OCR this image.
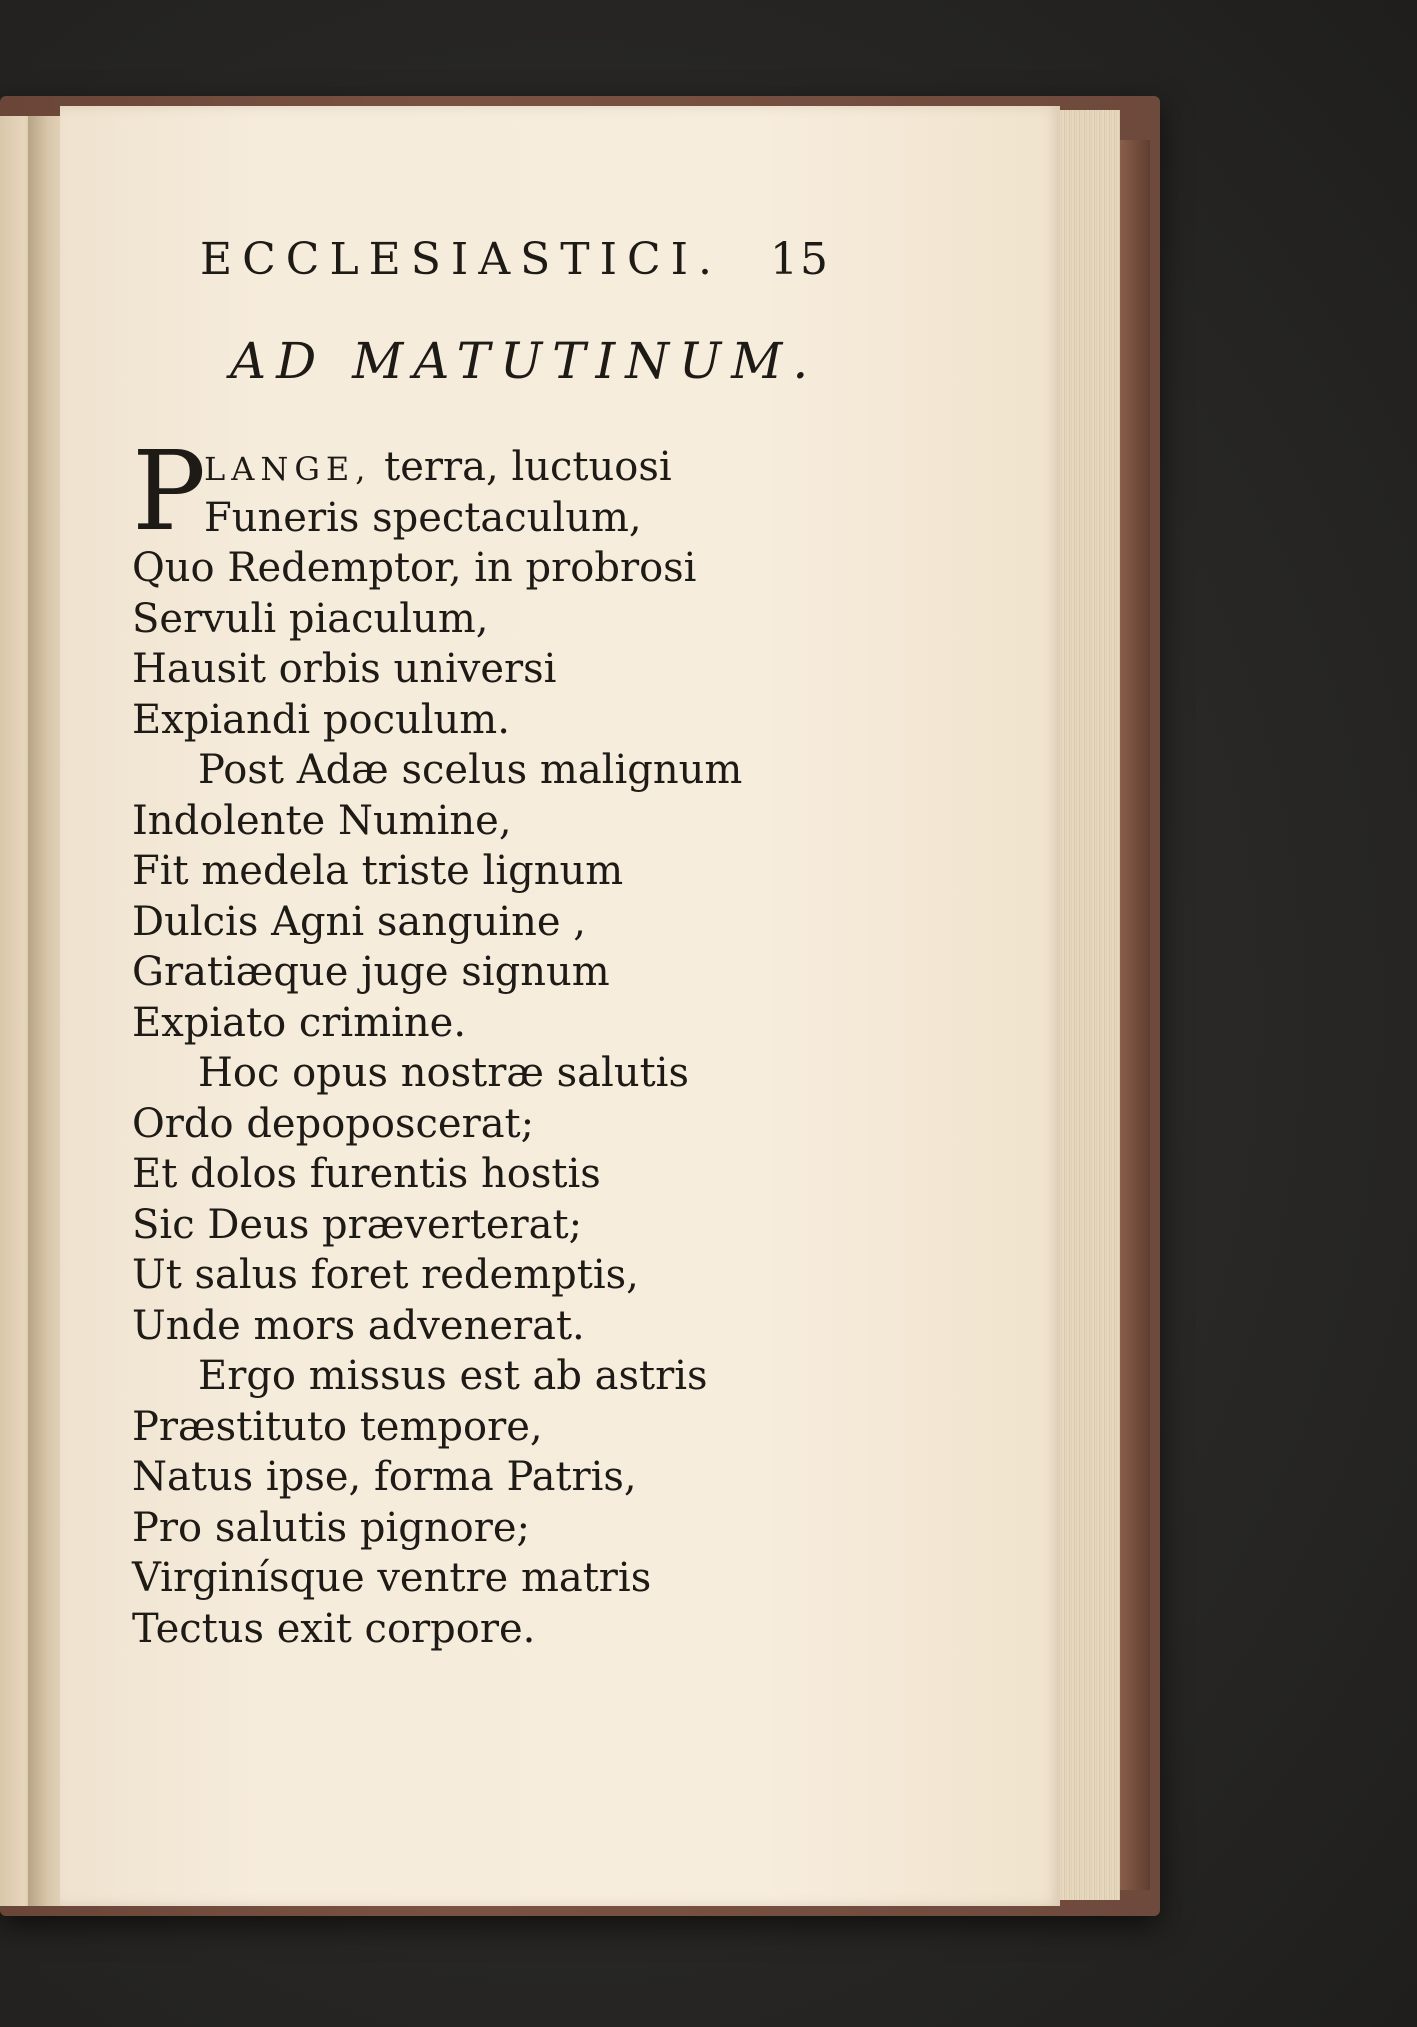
ECCLESIASTICI.	15
AD MATUTINUM.
P
LANGE, terra, luctuosi
Funeris spectaculum,
Quo Redemptor, in probrosi
Servuli piaculum,
Hausit orbis universi
Expiandi poculum.
Post Adæ scelus malignum
Indolente Numine,
Fit medela triste lignum
Dulcis Agni sanguine ,
Gratiæque juge signum
Expiato crimine.
Hoc opus nostræ salutis
Ordo depoposcerat;
Et dolos furentis hostis
Sic Deus præverterat;
Ut salus foret redemptis,
Unde mors advenerat.
Ergo missus est ab astris
Præstituto tempore,
Natus ipse, forma Patris,
Pro salutis pignore;
Virginísque ventre matris
Tectus exit corpore.
